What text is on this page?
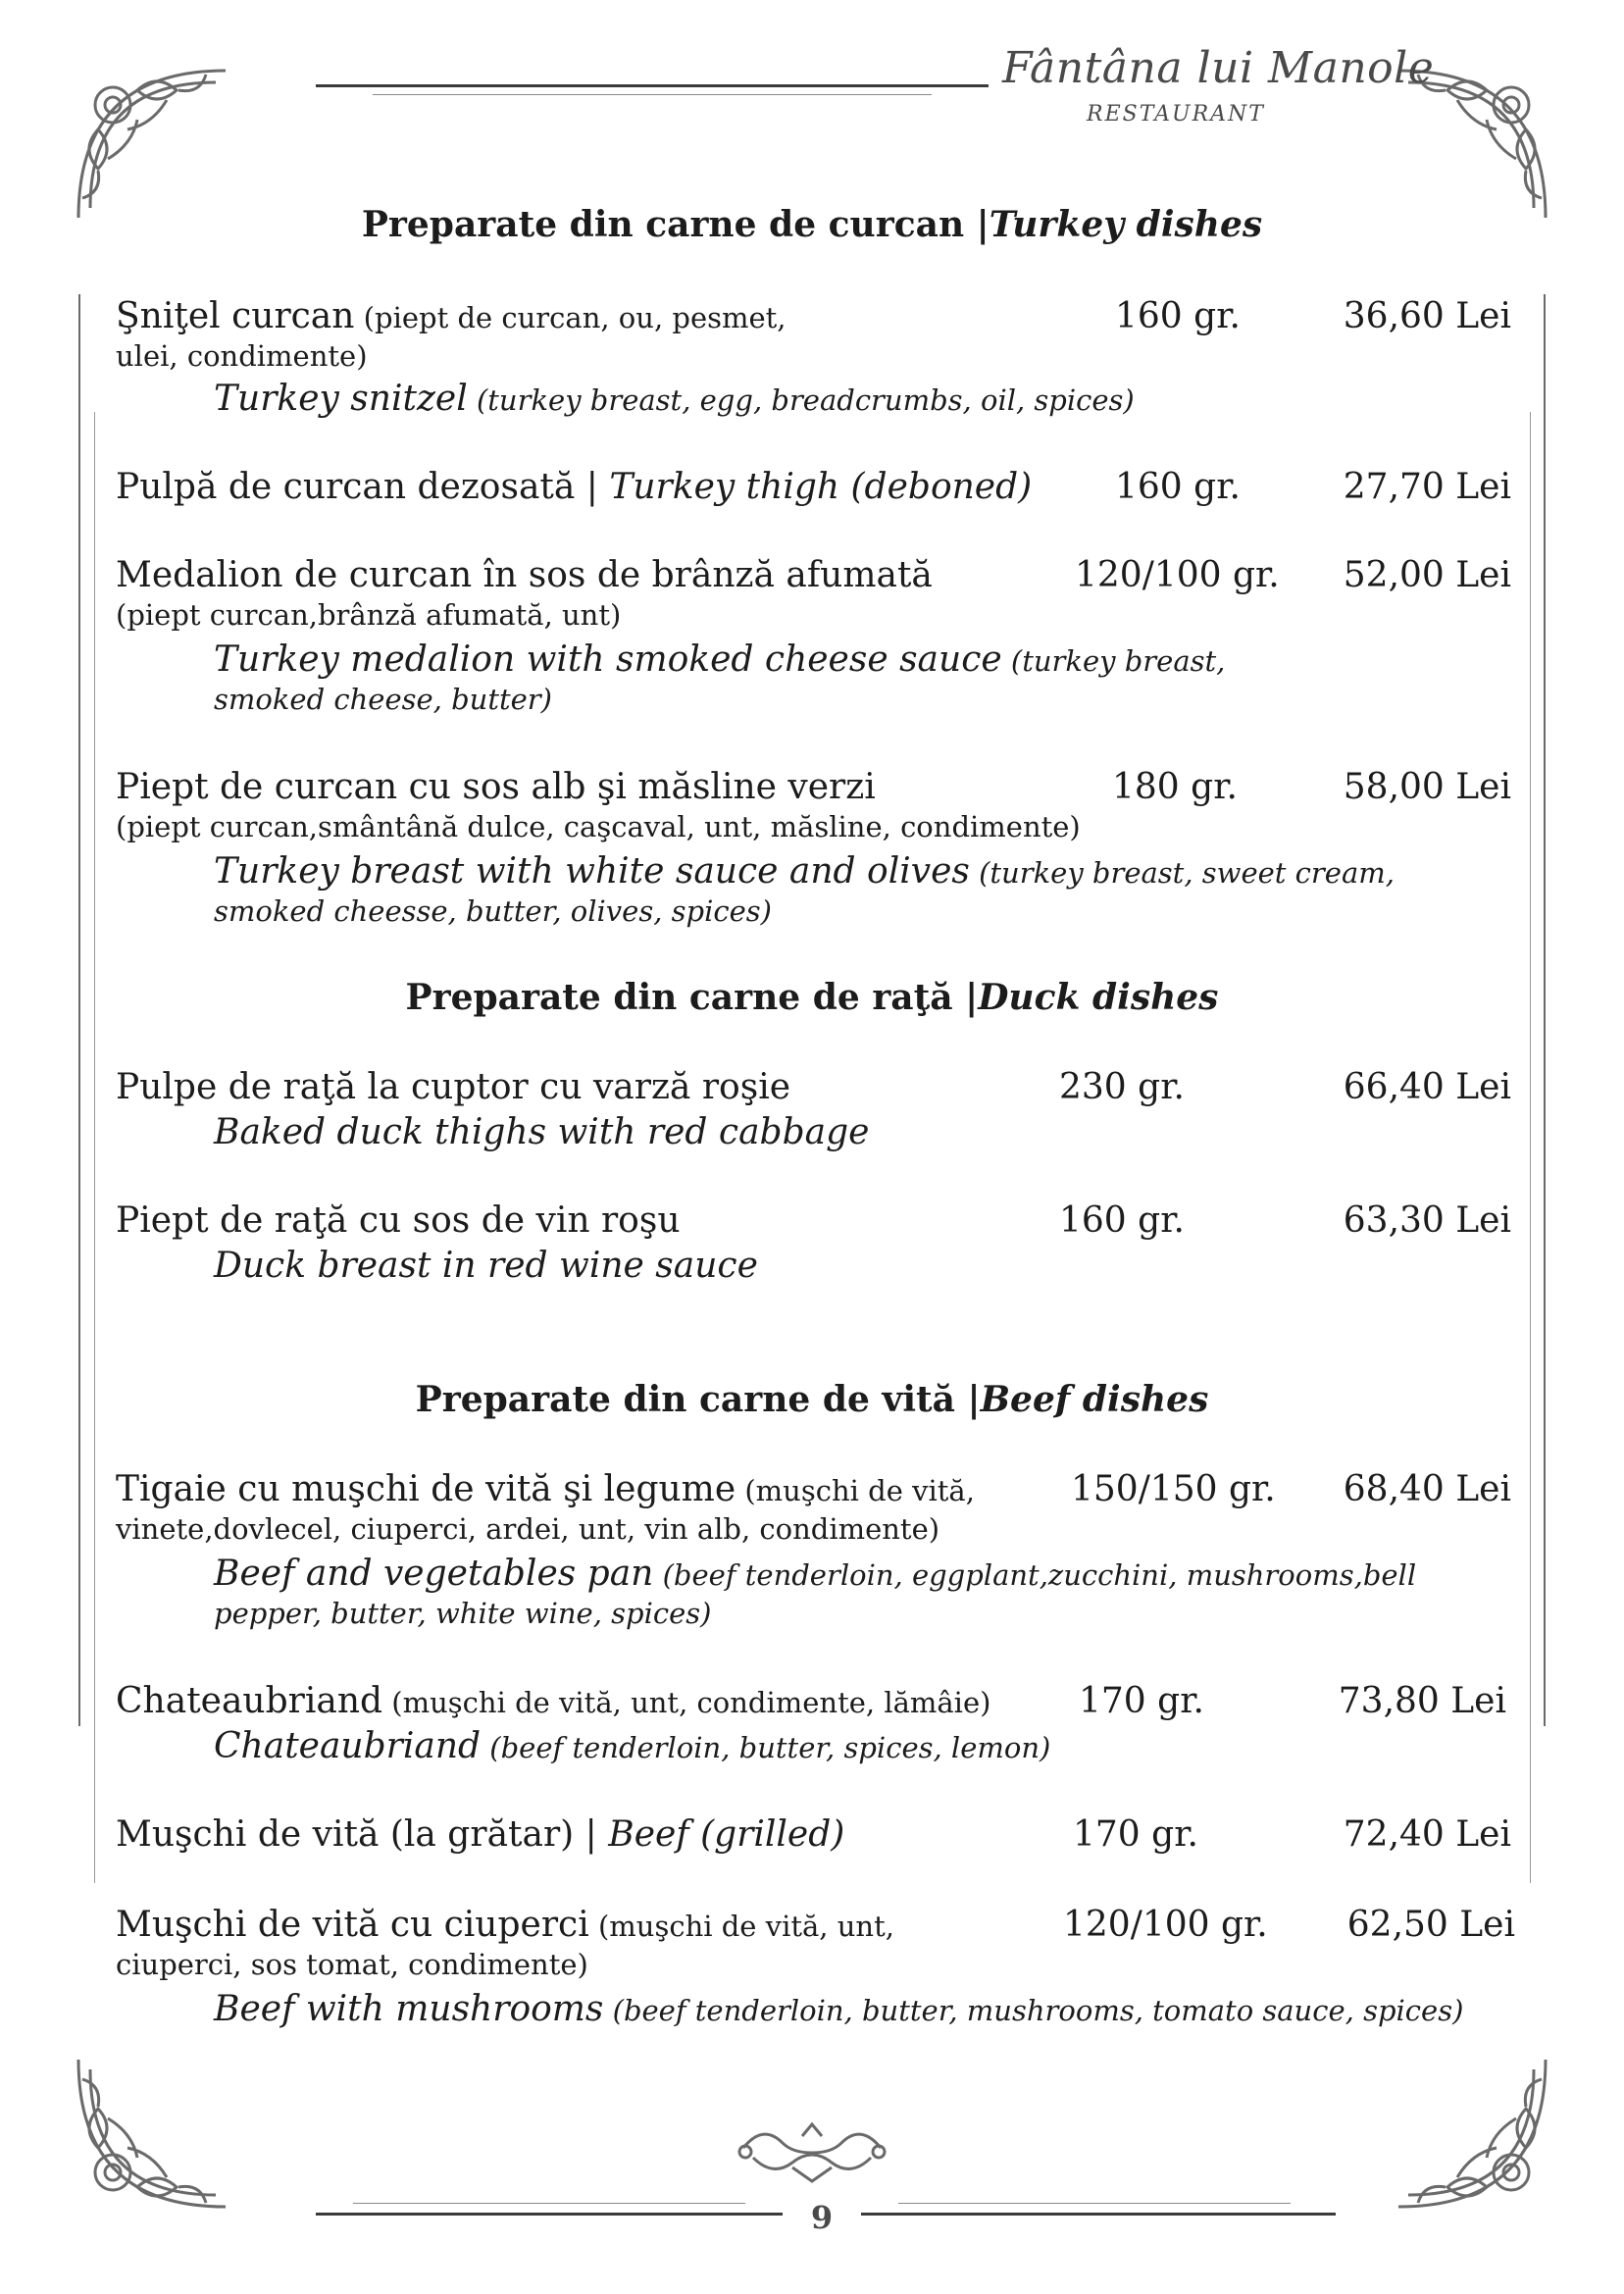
Fântâna lui Manole
RESTAURANT
Preparate din carne de curcan |Turkey dishes
Şniţel curcan (piept de curcan, ou, pesmet,	160 gr.	36,60 Lei
ulei, condimente)
Turkey snitzel (turkey breast, egg, breadcrumbs, oil, spices)
Pulpă de curcan dezosată | Turkey thigh (deboned) 160 gr.	27,70 Lei
Medalion de curcan în sos de brânză afumată	120/100 gr.	52,00 Lei
(piept curcan,brânză afumată, unt)
Turkey medalion with smoked cheese sauce (turkey breast,
smoked cheese, butter)
Piept de curcan cu sos alb şi măsline verzi	180 gr.	58,00 Lei
(piept curcan,smântână dulce, caşcaval, unt, măsline, condimente)
Turkey breast with white sauce and olives (turkey breast, sweet cream,
smoked cheesse, butter, olives, spices)
Preparate din carne de raţă |Duck dishes
Pulpe de raţă la cuptor cu varză roşie	230 gr.	66,40 Lei
Baked duck thighs with red cabbage
Piept de raţă cu sos de vin roşu	160 gr.	63,30 Lei
Duck breast in red wine sauce
Preparate din carne de vită |Beef dishes
Tigaie cu muşchi de vită şi legume (muşchi de vită,	150/150 gr.	68,40 Lei
vinete,dovlecel, ciuperci, ardei, unt, vin alb, condimente)
Beef and vegetables pan (beef tenderloin, eggplant,zucchini, mushrooms,bell
pepper, butter, white wine, spices)
Chateaubriand (muşchi de vită, unt, condimente, lămâie) 170 gr.	73,80 Lei
Chateaubriand (beef tenderloin, butter, spices, lemon)
Muşchi de vită (la grătar) | Beef (grilled)	170 gr.	72,40 Lei
Muşchi de vită cu ciuperci (muşchi de vită, unt,	120/100 gr.	62,50 Lei
ciuperci, sos tomat, condimente)
Beef with mushrooms (beef tenderloin, butter, mushrooms, tomato sauce, spices)
9
